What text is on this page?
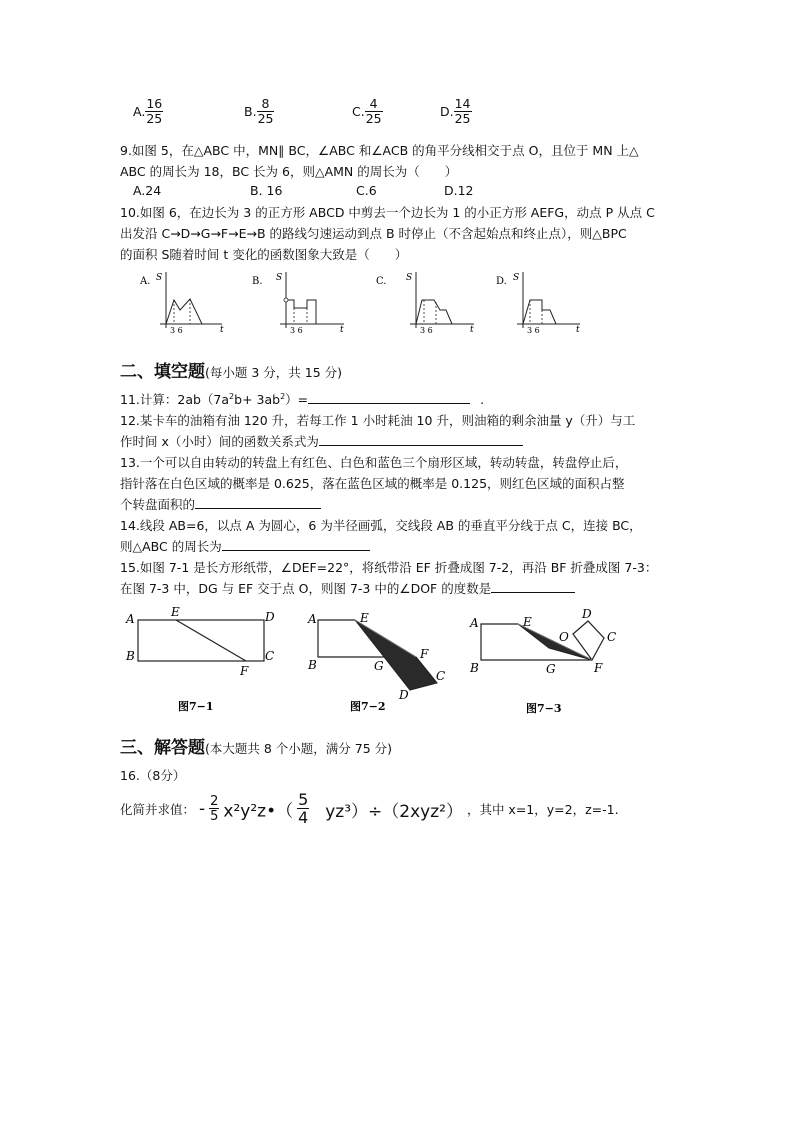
A. $\frac{16}{25}$	B. $\frac{8}{25}$	C. $\frac{4}{25}$	D. $\frac{14}{25}$
9.如图 5，在△ABC 中，MN∥ BC，∠ABC 和∠ACB 的角平分线相交于点 O，且位于 MN 上△
ABC 的周长为 18，BC 长为 6，则△AMN 的周长为（　　）
A.24	B. 16	C.6	D.12
10.如图 6，在边长为 3 的正方形 ABCD 中剪去一个边长为 1 的小正方形 AEFG，动点 P 从点 C
出发沿 C→D→G→F→E→B 的路线匀速运动到点 B 时停止（不含起始点和终止点），则△BPC
的面积 S随着时间 t 变化的函数图象大致是（　　）
A. S
t
3 6
B. S
t
3 6
C. S
t
3 6
D. S
t
3 6
二、填空题(每小题 3 分，共 15 分)
11.计算：$2ab(7a^2b+ 3ab^2)=$	.
12.某卡车的油箱有油 120 升，若每工作 1 小时耗油 10 升，则油箱的剩余油量 y（升）与工
作时间 x（小时）间的函数关系式为
13.一个可以自由转动的转盘上有红色、白色和蓝色三个扇形区域，转动转盘，转盘停止后，
指针落在白色区域的概率是 0.625，落在蓝色区域的概率是 0.125，则红色区域的面积占整
个转盘面积的
14.线段 AB=6，以点 A 为圆心，6 为半径画弧，交线段 AB 的垂直平分线于点 C，连接 BC，
则△ABC 的周长为
15.如图 7-1 是长方形纸带，∠DEF=22°，将纸带沿 EF 折叠成图 7-2，再沿 BF 折叠成图 7-3：
在图 7-3 中，DG 与 EF 交于点 O，则图 7-3 中的∠DOF 的度数是
A	E	D
B
F
C
图7−1
A	E
B	G
F
C
D
图7−2
A	E
O
D
C
B	G	F
图7−3
三、解答题(本大题共 8 个小题，满分 75 分)
16.（8分）
化简并求值： - $\frac{2}{5}$ x²y²z•（ $\frac{5}{4} yz^3)\div(2xyz^2)$ ，其中 x=1，y=2，z=-1.
